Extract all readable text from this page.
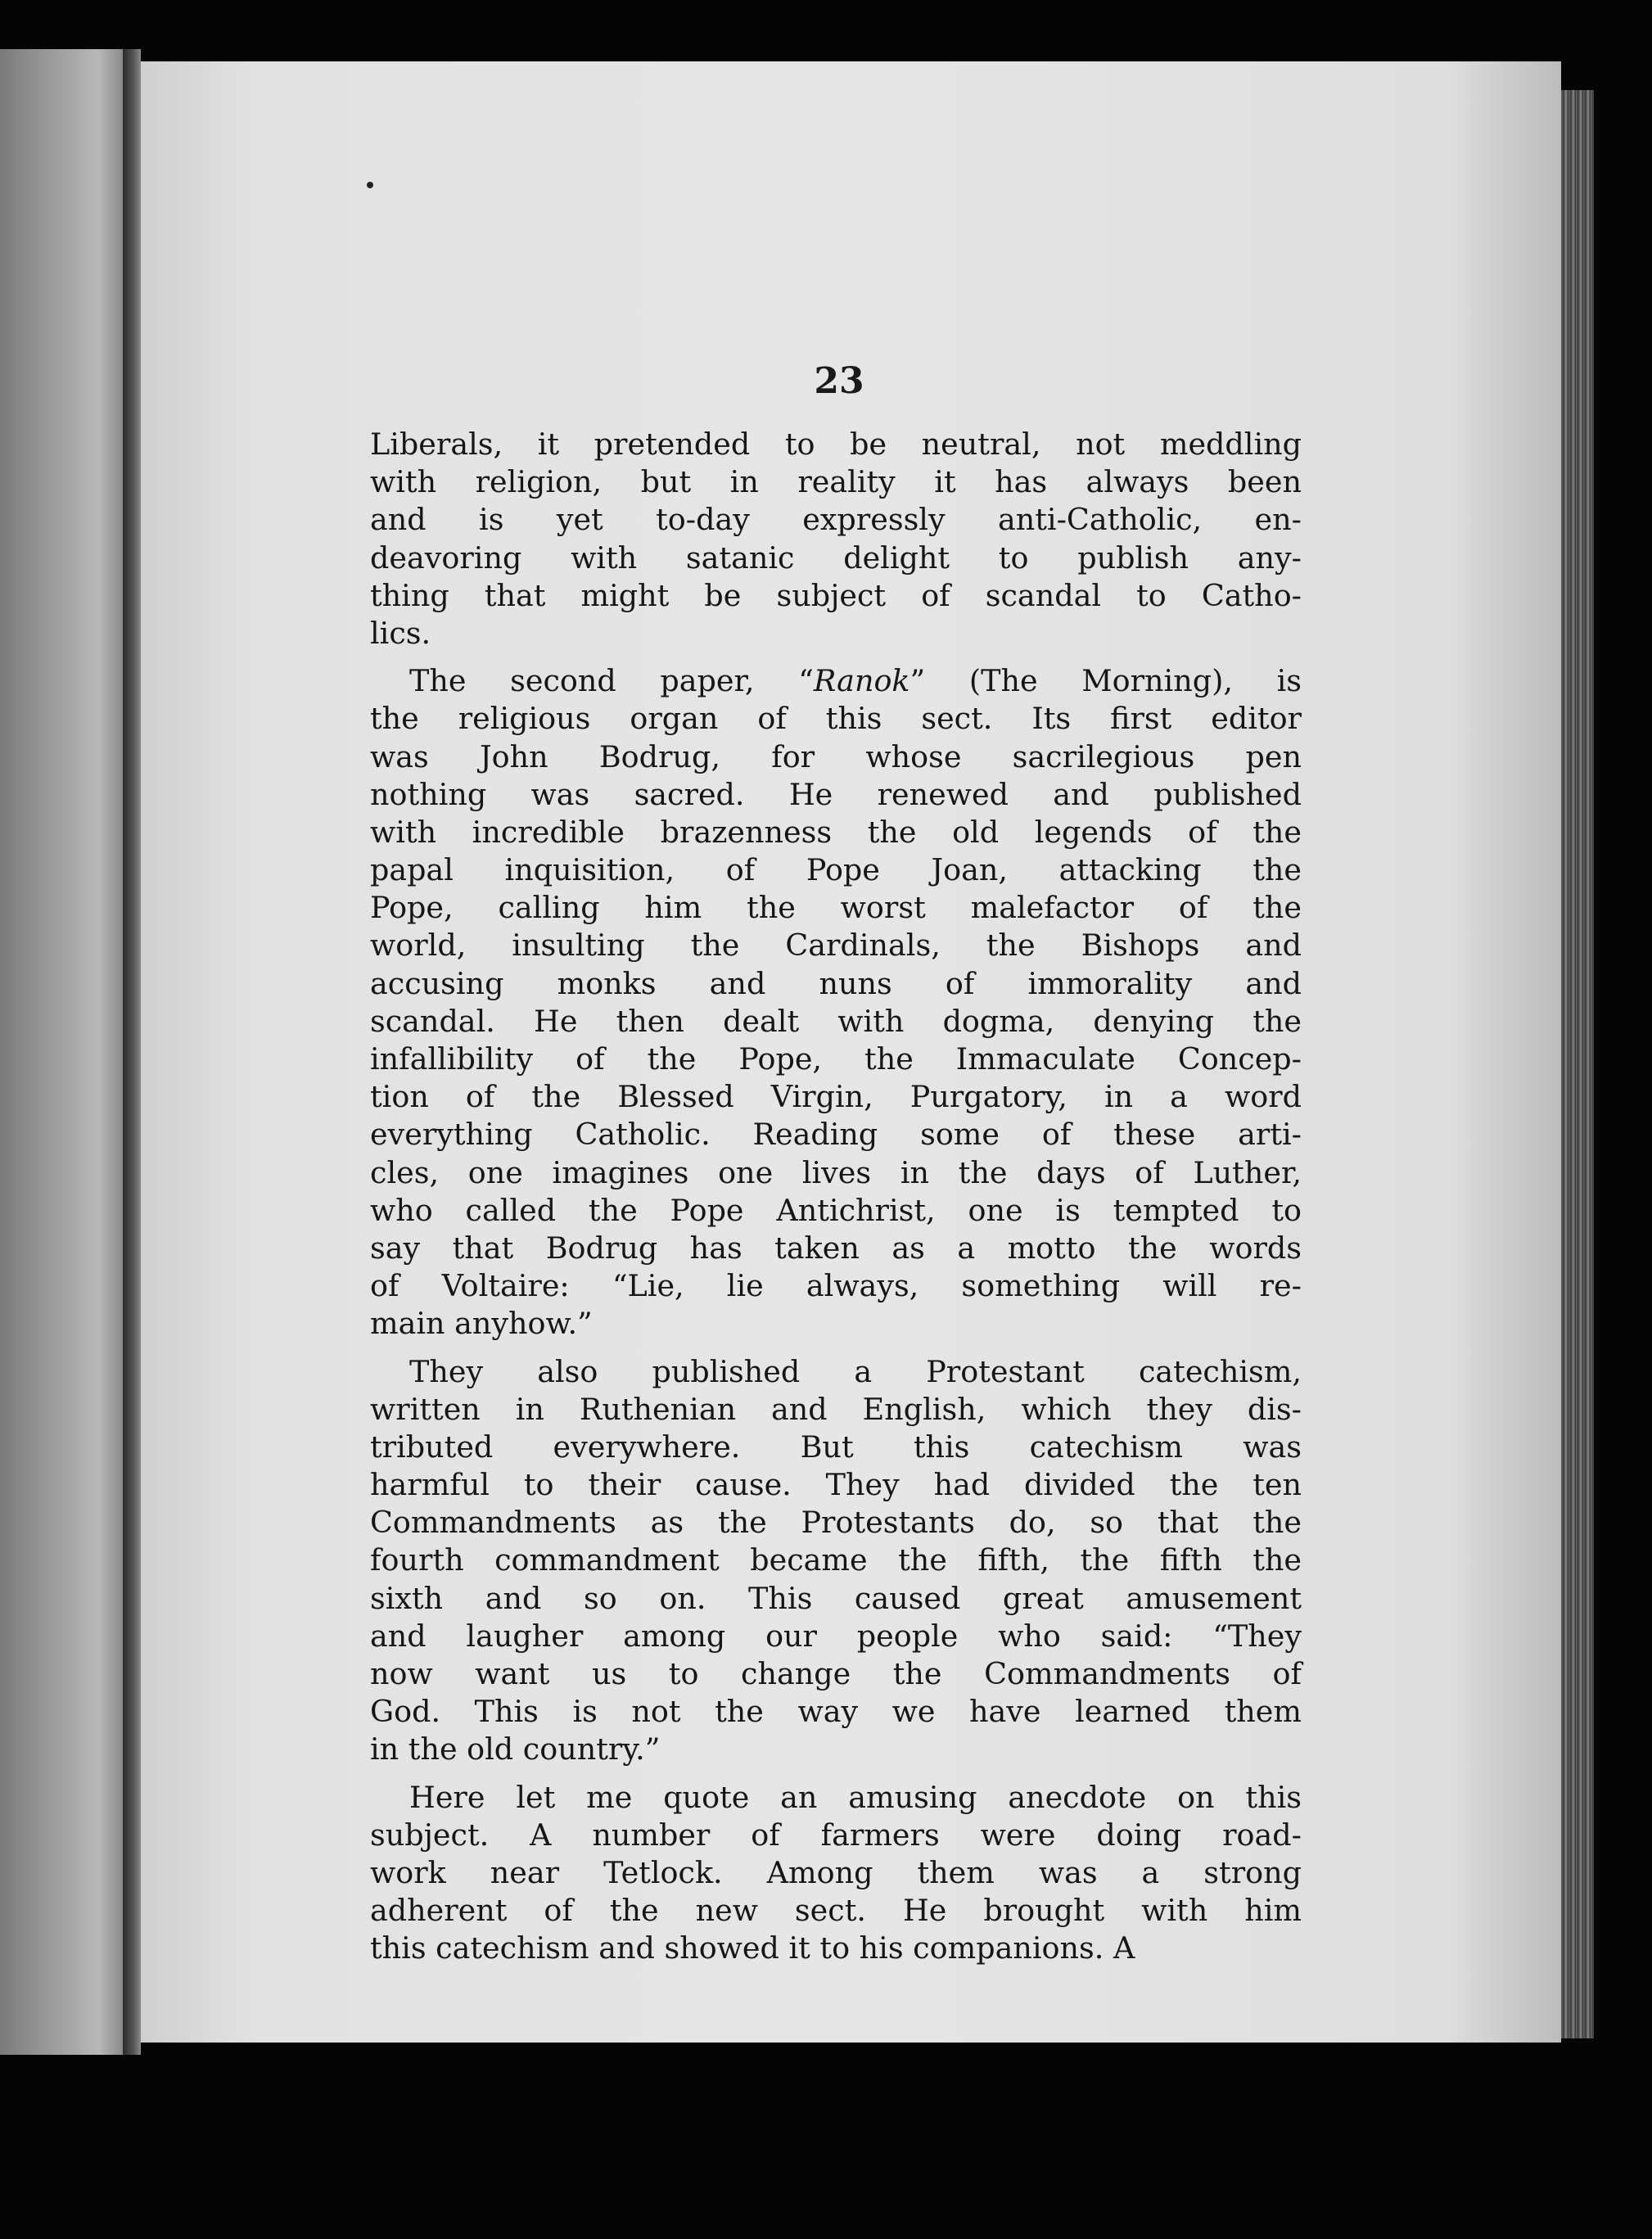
23
Liberals, it pretended to be neutral, not meddling
with religion, but in reality it has always been
and is yet to-day expressly anti-Catholic, en-
deavoring with satanic delight to publish any-
thing that might be subject of scandal to Catho-
lics.
The second paper, “Ranok” (The Morning), is
the religious organ of this sect. Its first editor
was John Bodrug, for whose sacrilegious pen
nothing was sacred. He renewed and published
with incredible brazenness the old legends of the
papal inquisition, of Pope Joan, attacking the
Pope, calling him the worst malefactor of the
world, insulting the Cardinals, the Bishops and
accusing monks and nuns of immorality and
scandal. He then dealt with dogma, denying the
infallibility of the Pope, the Immaculate Concep-
tion of the Blessed Virgin, Purgatory, in a word
everything Catholic. Reading some of these arti-
cles, one imagines one lives in the days of Luther,
who called the Pope Antichrist, one is tempted to
say that Bodrug has taken as a motto the words
of Voltaire: “Lie, lie always, something will re-
main anyhow.”
They also published a Protestant catechism,
written in Ruthenian and English, which they dis-
tributed everywhere. But this catechism was
harmful to their cause. They had divided the ten
Commandments as the Protestants do, so that the
fourth commandment became the fifth, the fifth the
sixth and so on. This caused great amusement
and laugher among our people who said: “They
now want us to change the Commandments of
God. This is not the way we have learned them
in the old country.”
Here let me quote an amusing anecdote on this
subject. A number of farmers were doing road-
work near Tetlock. Among them was a strong
adherent of the new sect. He brought with him
this catechism and showed it to his companions. A
